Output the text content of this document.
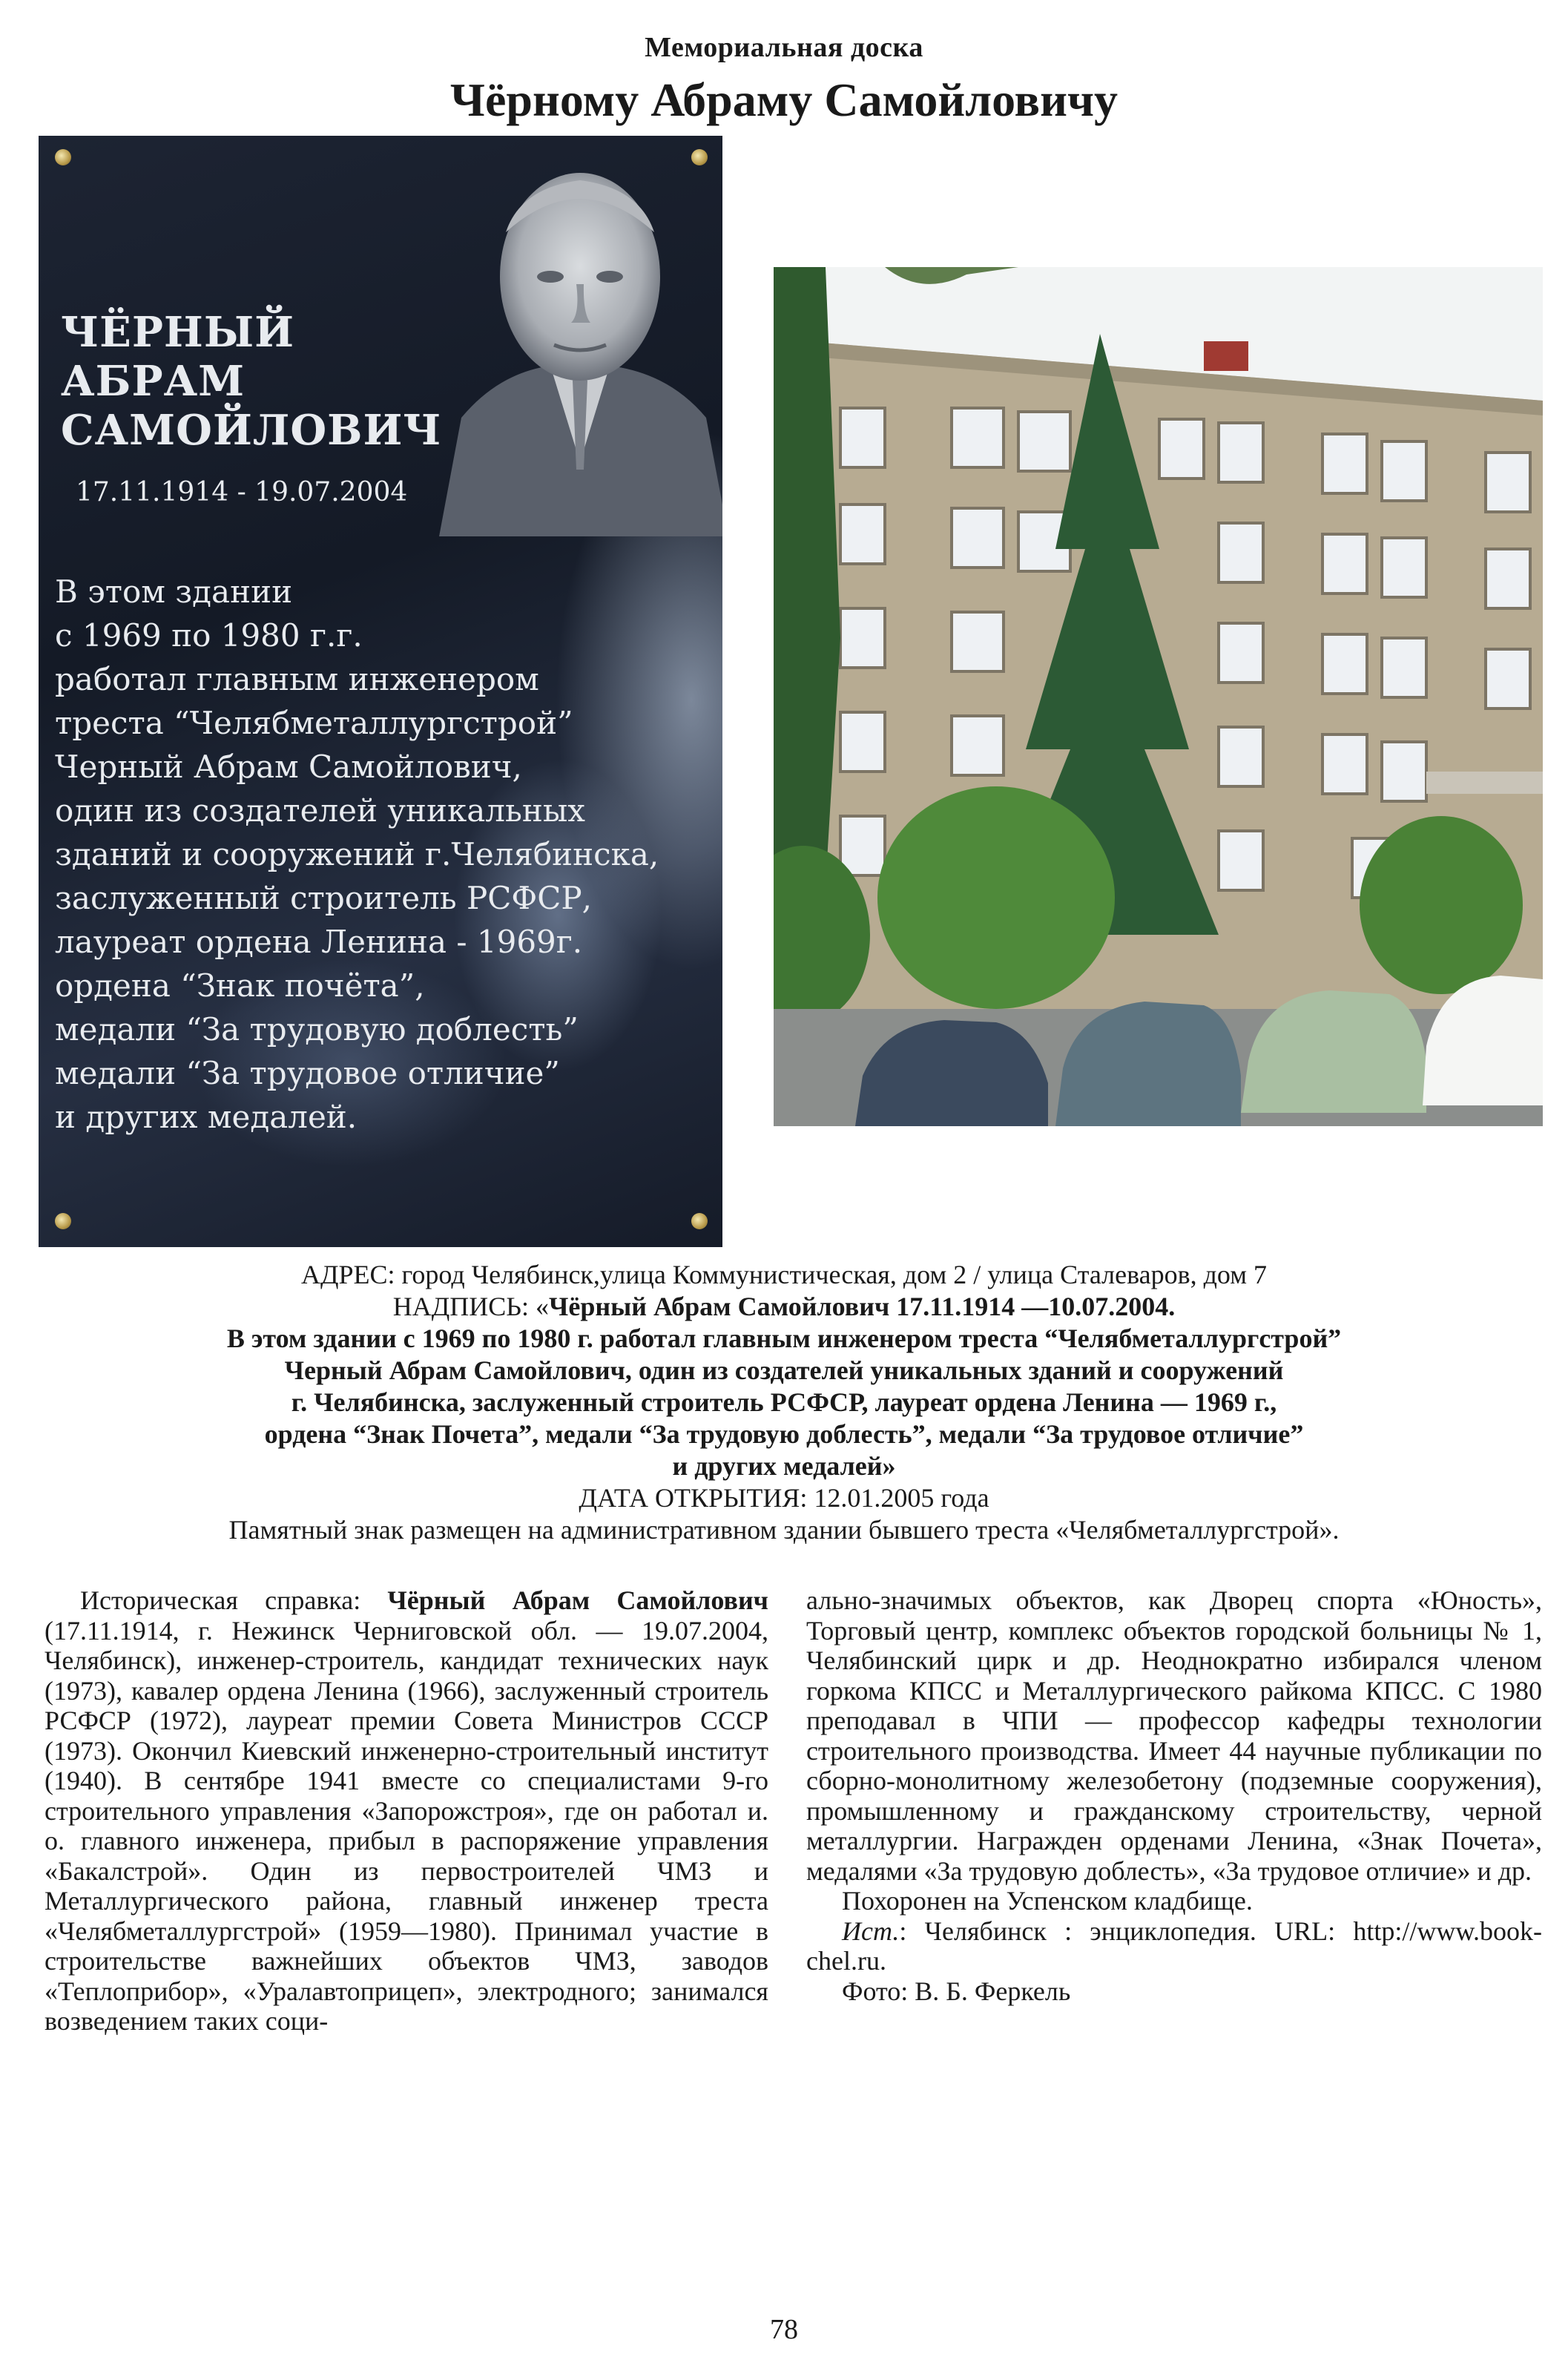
Мемориальная доска
Чёрному Абраму Самойловичу
ЧЁРНЫЙ
АБРАМ
САМОЙЛОВИЧ
17.11.1914 - 19.07.2004
В этом здании
с 1969 по 1980 г.г.
работал главным инженером
треста “Челябметаллургстрой”
Черный Абрам Самойлович,
один из создателей уникальных
зданий и сооружений г.Челябинска,
заслуженный строитель РСФСР,
лауреат ордена Ленина - 1969г.
ордена “Знак почёта”,
медали “За трудовую доблесть”
медали “За трудовое отличие”
и других медалей.
АДРЕС: город Челябинск,улица Коммунистическая, дом 2 / улица Сталеваров, дом 7
НАДПИСЬ: «Чёрный Абрам Самойлович 17.11.1914 —10.07.2004.
В этом здании с 1969 по 1980 г. работал главным инженером треста “Челябметаллургстрой”
Черный Абрам Самойлович, один из создателей уникальных зданий и сооружений
г. Челябинска, заслуженный строитель РСФСР, лауреат ордена Ленина — 1969 г.,
ордена “Знак Почета”, медали “За трудовую доблесть”, медали “За трудовое отличие”
и других медалей»
ДАТА ОТКРЫТИЯ: 12.01.2005 года
Памятный знак размещен на административном здании бывшего треста «Челябметаллургстрой».

Историческая справка: Чёрный Абрам Самойлович (17.11.1914, г. Нежинск Черниговской обл. — 19.07.2004, Челябинск), инженер-строитель, кандидат технических наук (1973), кавалер ордена Ленина (1966), заслуженный строитель РСФСР (1972), лауреат премии Совета Министров СССР (1973). Окончил Киевский инженерно-строительный институт (1940). В сентябре 1941 вместе со специалистами 9-го строительного управления «Запорожстроя», где он работал и. о. главного инженера, прибыл в распоряжение управления «Бакалстрой». Один из первостроителей ЧМЗ и Металлургического района, главный инженер треста «Челябметаллургстрой» (1959—1980). Принимал участие в строительстве важнейших объектов ЧМЗ, заводов «Теплоприбор», «Уралавтоприцеп», электродного; занимался возведением таких соци-

ально-значимых объектов, как Дворец спорта «Юность», Торговый центр, комплекс объектов городской больницы № 1, Челябинский цирк и др. Неоднократно избирался членом горкома КПСС и Металлургического райкома КПСС. С 1980 преподавал в ЧПИ — профессор кафедры технологии строительного производства. Имеет 44 научные публикации по сборно-монолитному железобетону (подземные сооружения), промышленному и гражданскому строительству, черной металлургии. Награжден орденами Ленина, «Знак Почета», медалями «За трудовую доблесть», «За трудовое отличие» и др.

Похоронен на Успенском кладбище.

Ист.: Челябинск : энциклопедия. URL: http://www.book-chel.ru.

Фото: В. Б. Феркель

78
